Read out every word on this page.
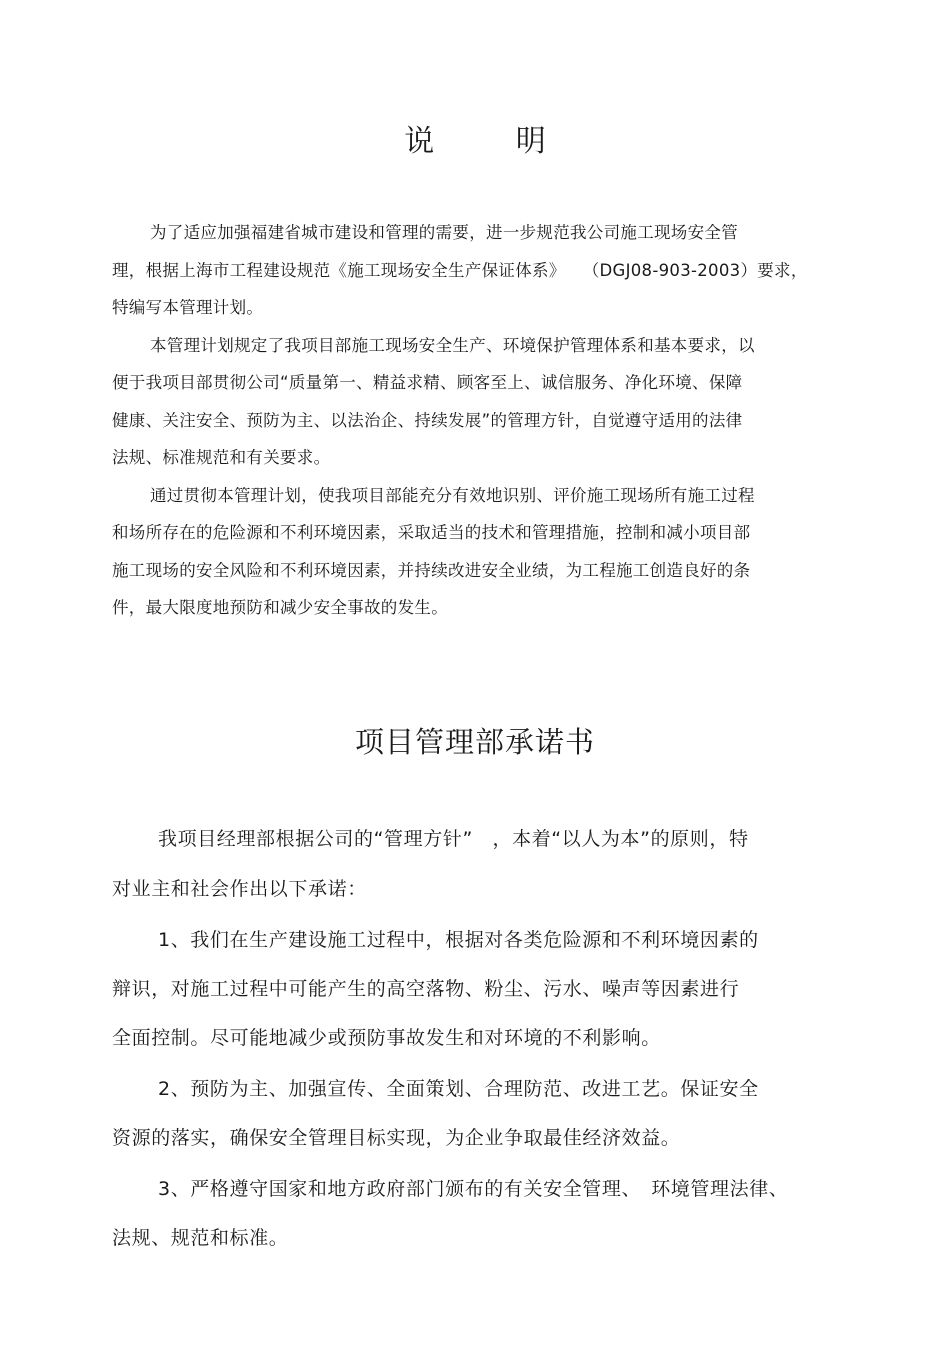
说 明

为了适应加强福建省城市建设和管理的需要，进一步规范我公司施工现场安全管

理，根据上海市工程建设规范《施工现场安全生产保证体系》　　（DGJ08-903-2003）要求，

特编写本管理计划。

本管理计划规定了我项目部施工现场安全生产、环境保护管理体系和基本要求，以

便于我项目部贯彻公司“质量第一、精益求精、顾客至上、诚信服务、净化环境、保障

健康、关注安全、预防为主、以法治企、持续发展”的管理方针，自觉遵守适用的法律

法规、标准规范和有关要求。

通过贯彻本管理计划，使我项目部能充分有效地识别、评价施工现场所有施工过程

和场所存在的危险源和不利环境因素，采取适当的技术和管理措施，控制和减小项目部

施工现场的安全风险和不利环境因素，并持续改进安全业绩，为工程施工创造良好的条

件，最大限度地预防和减少安全事故的发生。

项目管理部承诺书

我项目经理部根据公司的“管理方针”　，本着“以人为本”的原则，特

对业主和社会作出以下承诺：

1、我们在生产建设施工过程中，根据对各类危险源和不利环境因素的

辩识，对施工过程中可能产生的高空落物、粉尘、污水、噪声等因素进行

全面控制。尽可能地减少或预防事故发生和对环境的不利影响。

2、预防为主、加强宣传、全面策划、合理防范、改进工艺。保证安全

资源的落实，确保安全管理目标实现，为企业争取最佳经济效益。

3、严格遵守国家和地方政府部门颁布的有关安全管理、　环境管理法律、

法规、规范和标准。
